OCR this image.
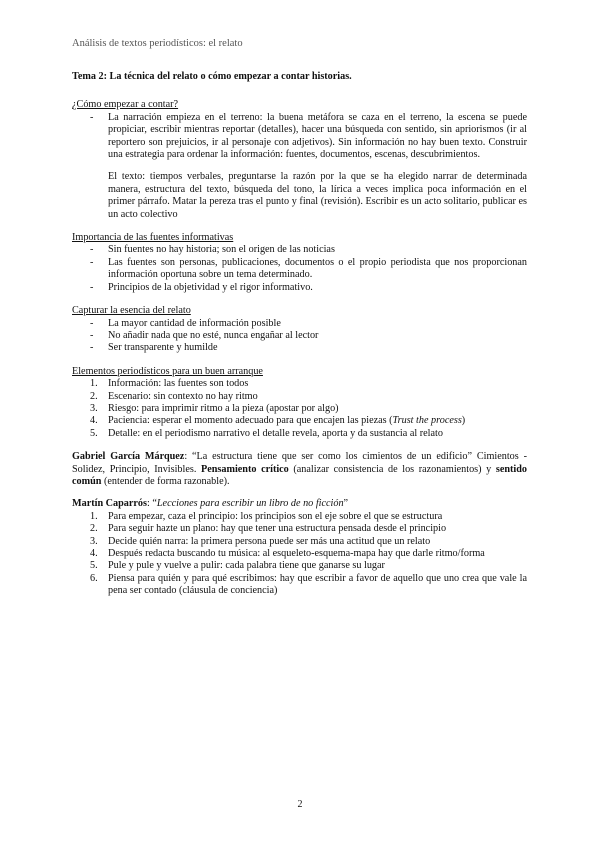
Análisis de textos periodísticos: el relato

Tema 2: La técnica del relato o cómo empezar a contar historias.

¿Cómo empezar a contar?

- La narración empieza en el terreno: la buena metáfora se caza en el terreno, la escena se puede propiciar, escribir mientras reportar (detalles), hacer una búsqueda con sentido, sin apriorismos (ir al reportero son prejuicios, ir al personaje con adjetivos). Sin información no hay buen texto. Construir una estrategia para ordenar la información: fuentes, documentos, escenas, descubrimientos.

El texto: tiempos verbales, preguntarse la razón por la que se ha elegido narrar de determinada manera, estructura del texto, búsqueda del tono, la lírica a veces implica poca información en el primer párrafo. Matar la pereza tras el punto y final (revisión). Escribir es un acto solitario, publicar es un acto colectivo

Importancia de las fuentes informativas

- Sin fuentes no hay historia; son el origen de las noticias
- Las fuentes son personas, publicaciones, documentos o el propio periodista que nos proporcionan información oportuna sobre un tema determinado.
- Principios de la objetividad y el rigor informativo.

Capturar la esencia del relato

- La mayor cantidad de información posible
- No añadir nada que no esté, nunca engañar al lector
- Ser transparente y humilde

Elementos periodísticos para un buen arranque

Información: las fuentes son todos
Escenario: sin contexto no hay ritmo
Riesgo: para imprimir ritmo a la pieza (apostar por algo)
Paciencia: esperar el momento adecuado para que encajen las piezas (Trust the process)
Detalle: en el periodismo narrativo el detalle revela, aporta y da sustancia al relato

Gabriel García Márquez: “La estructura tiene que ser como los cimientos de un edificio” Cimientos - Solidez, Principio, Invisibles. Pensamiento crítico (analizar consistencia de los razonamientos) y sentido común (entender de forma razonable).

Martín Caparrós: “Lecciones para escribir un libro de no ficción”

Para empezar, caza el principio: los principios son el eje sobre el que se estructura
Para seguir hazte un plano: hay que tener una estructura pensada desde el principio
Decide quién narra: la primera persona puede ser más una actitud que un relato
Después redacta buscando tu música: al esqueleto-esquema-mapa hay que darle ritmo/forma
Pule y pule y vuelve a pulir: cada palabra tiene que ganarse su lugar
Piensa para quién y para qué escribimos: hay que escribir a favor de aquello que uno crea que vale la pena ser contado (cláusula de conciencia)
2
